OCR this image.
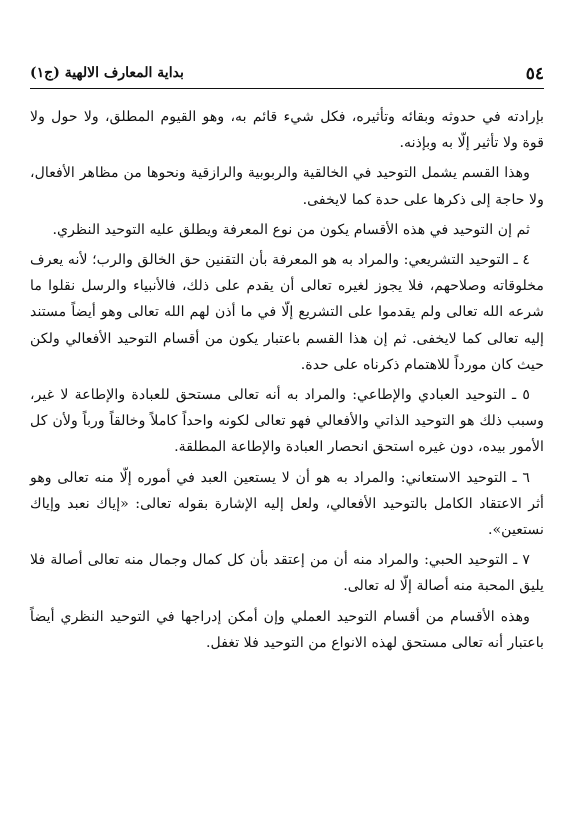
٥٤
بداية المعارف الالهية (ج١)

بإرادته في حدوثه وبقائه وتأثيره، فكل شيء قائم به، وهو القيوم المطلق، ولا حول ولا قوة ولا تأثير إلّا به وبإذنه.

وهذا القسم يشمل التوحيد في الخالقية والربوبية والرازقية ونحوها من مظاهر الأفعال، ولا حاجة إلى ذكرها على حدة كما لايخفى.

ثم إن التوحيد في هذه الأقسام يكون من نوع المعرفة ويطلق عليه التوحيد النظري.

٤ ـ التوحيد التشريعي: والمراد به هو المعرفة بأن التقنين حق الخالق والرب؛ لأنه يعرف مخلوقاته وصلاحهم، فلا يجوز لغيره تعالى أن يقدم على ذلك، فالأنبياء والرسل نقلوا ما شرعه الله تعالى ولم يقدموا على التشريع إلّا في ما أذن لهم الله تعالى وهو أيضاً مستند إليه تعالى كما لايخفى. ثم إن هذا القسم باعتبار يكون من أقسام التوحيد الأفعالي ولكن حيث كان مورداً للاهتمام ذكرناه على حدة.

٥ ـ التوحيد العبادي والإطاعي: والمراد به أنه تعالى مستحق للعبادة والإطاعة لا غير، وسبب ذلك هو التوحيد الذاتي والأفعالي فهو تعالى لكونه واحداً كاملاً وخالقاً ورباً ولأن كل الأمور بيده، دون غيره استحق انحصار العبادة والإطاعة المطلقة.

٦ ـ التوحيد الاستعاني: والمراد به هو أن لا يستعين العبد في أموره إلّا منه تعالى وهو أثر الاعتقاد الكامل بالتوحيد الأفعالي، ولعل إليه الإشارة بقوله تعالى: «إياك نعبد وإياك نستعين».

٧ ـ التوحيد الحبي: والمراد منه أن من إعتقد بأن كل كمال وجمال منه تعالى أصالة فلا يليق المحبة منه أصالة إلّا له تعالى.

وهذه الأقسام من أقسام التوحيد العملي وإن أمكن إدراجها في التوحيد النظري أيضاً باعتبار أنه تعالى مستحق لهذه الانواع من التوحيد فلا تغفل.
